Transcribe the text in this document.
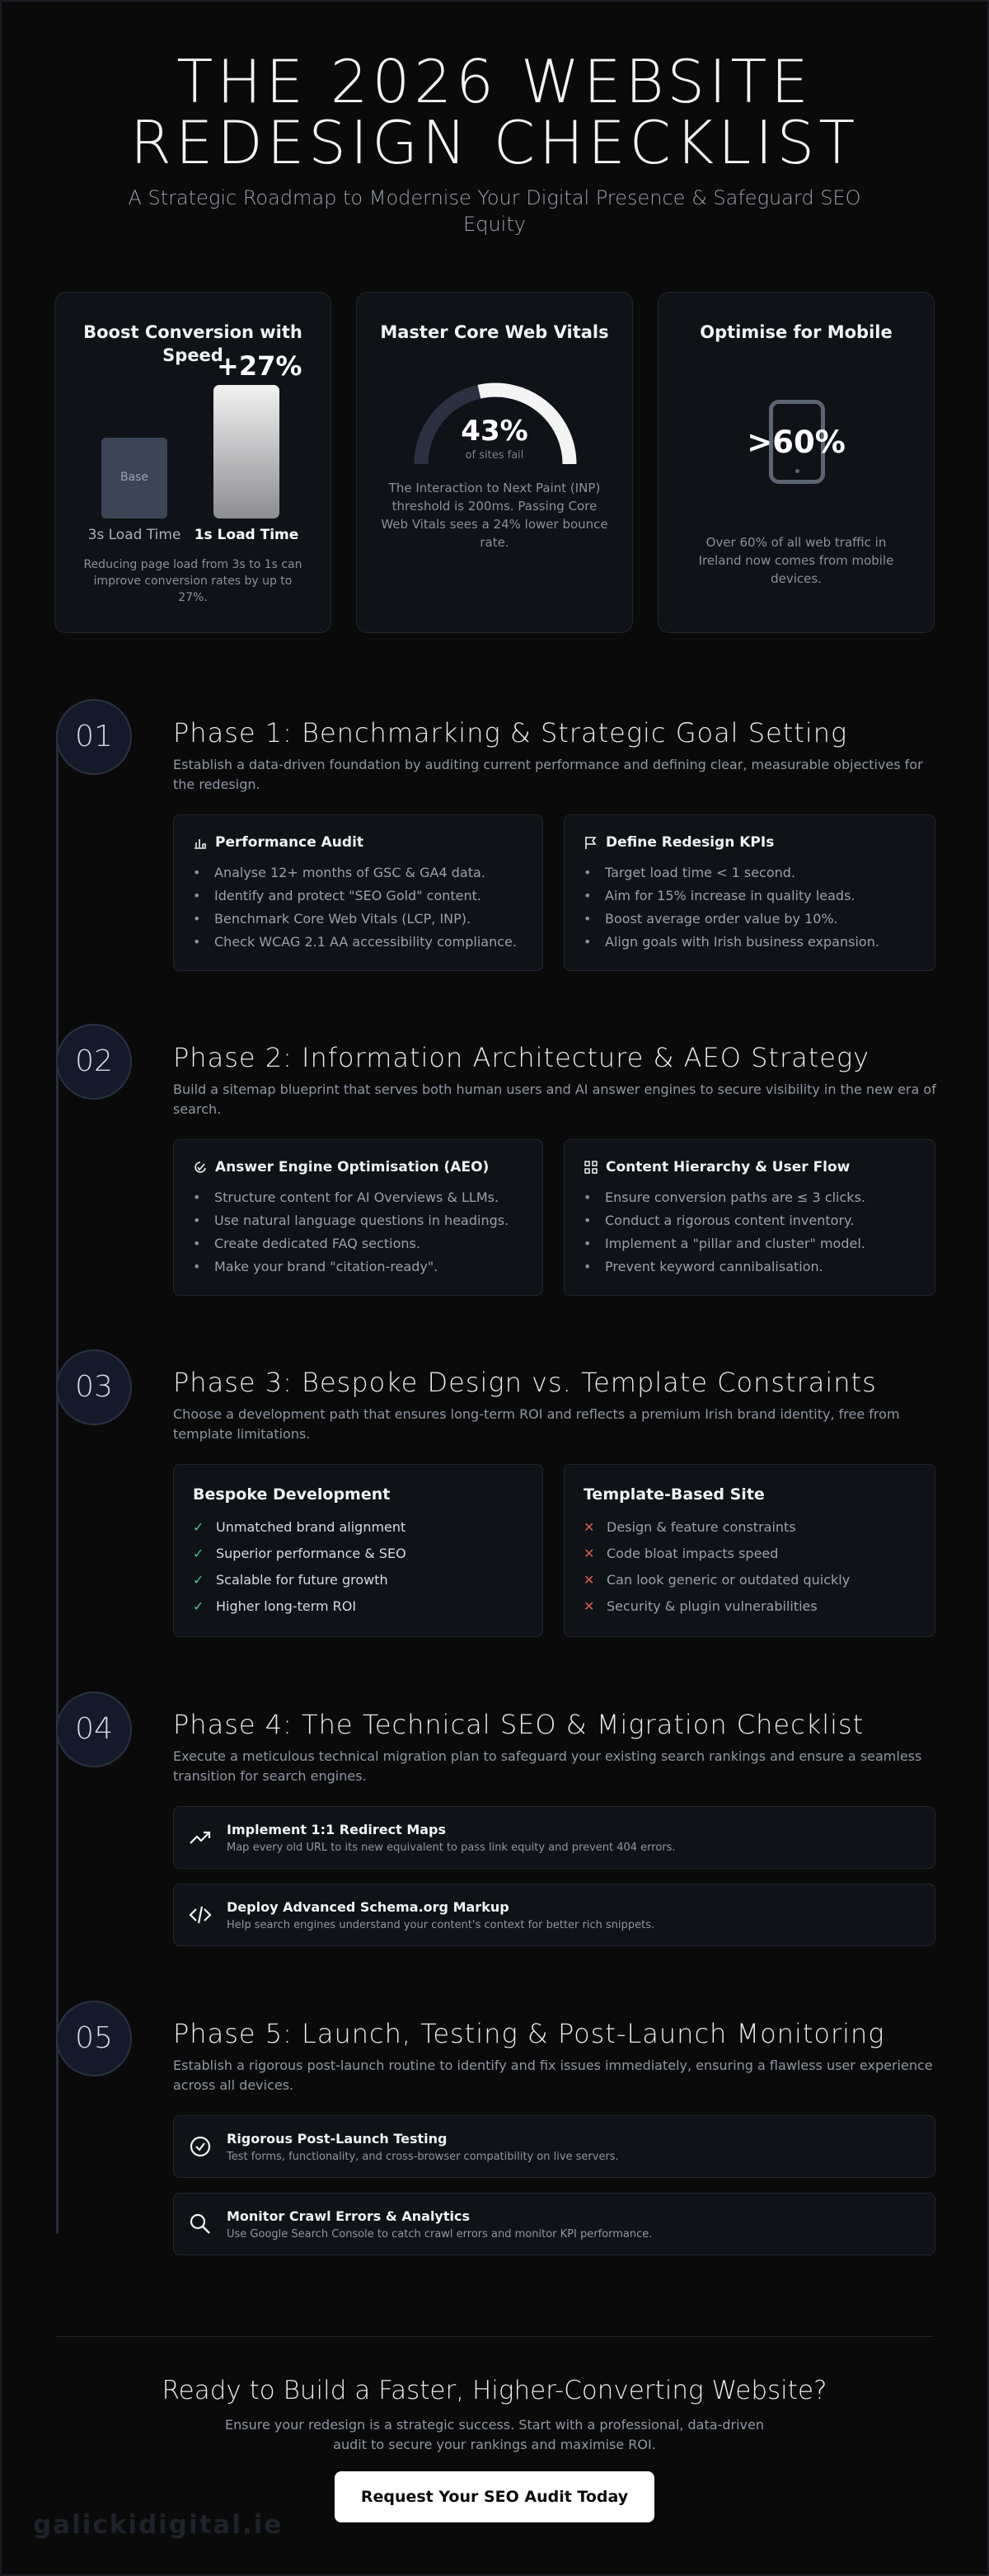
THE 2026 WEBSITE
REDESIGN CHECKLIST
A Strategic Roadmap to Modernise Your Digital Presence & Safeguard SEO Equity
Boost Conversion with Speed
Base
+27%
3s Load Time 1s Load Time
Reducing page load from 3s to 1s can improve conversion rates by up to 27%.
Master Core Web Vitals
43%
of sites fail
The Interaction to Next Paint (INP) threshold is 200ms. Passing Core Web Vitals sees a 24% lower bounce rate.
Optimise for Mobile
>60%
Over 60% of all web traffic in Ireland now comes from mobile devices.
01	Phase 1: Benchmarking & Strategic Goal Setting
Establish a data-driven foundation by auditing current performance and defining clear, measurable objectives for the redesign.
Performance Audit
• Analyse 12+ months of GSC & GA4 data.
• Identify and protect "SEO Gold" content.
• Benchmark Core Web Vitals (LCP, INP).
• Check WCAG 2.1 AA accessibility compliance.
Define Redesign KPIs
• Target load time < 1 second.
• Aim for 15% increase in quality leads.
• Boost average order value by 10%.
• Align goals with Irish business expansion.
02	Phase 2: Information Architecture & AEO Strategy
Build a sitemap blueprint that serves both human users and AI answer engines to secure visibility in the new era of search.
Answer Engine Optimisation (AEO)
• Structure content for AI Overviews & LLMs.
• Use natural language questions in headings.
• Create dedicated FAQ sections.
• Make your brand "citation-ready".
Content Hierarchy & User Flow
• Ensure conversion paths are ≤ 3 clicks.
• Conduct a rigorous content inventory.
• Implement a "pillar and cluster" model.
• Prevent keyword cannibalisation.
03	Phase 3: Bespoke Design vs. Template Constraints
Choose a development path that ensures long-term ROI and reflects a premium Irish brand identity, free from template limitations.
Bespoke Development
✓ Unmatched brand alignment
✓ Superior performance & SEO
✓ Scalable for future growth
✓ Higher long-term ROI
Template-Based Site
✕ Design & feature constraints
✕ Code bloat impacts speed
✕ Can look generic or outdated quickly
✕ Security & plugin vulnerabilities
04	Phase 4: The Technical SEO & Migration Checklist
Execute a meticulous technical migration plan to safeguard your existing search rankings and ensure a seamless transition for search engines.
Implement 1:1 Redirect Maps
Map every old URL to its new equivalent to pass link equity and prevent 404 errors.
Deploy Advanced Schema.org Markup
Help search engines understand your content's context for better rich snippets.
05	Phase 5: Launch, Testing & Post-Launch Monitoring
Establish a rigorous post-launch routine to identify and fix issues immediately, ensuring a flawless user experience across all devices.
Rigorous Post-Launch Testing
Test forms, functionality, and cross-browser compatibility on live servers.
Monitor Crawl Errors & Analytics
Use Google Search Console to catch crawl errors and monitor KPI performance.
Ready to Build a Faster, Higher-Converting Website?
Ensure your redesign is a strategic success. Start with a professional, data-driven
audit to secure your rankings and maximise ROI.
Request Your SEO Audit Today
galickidigital.ie
